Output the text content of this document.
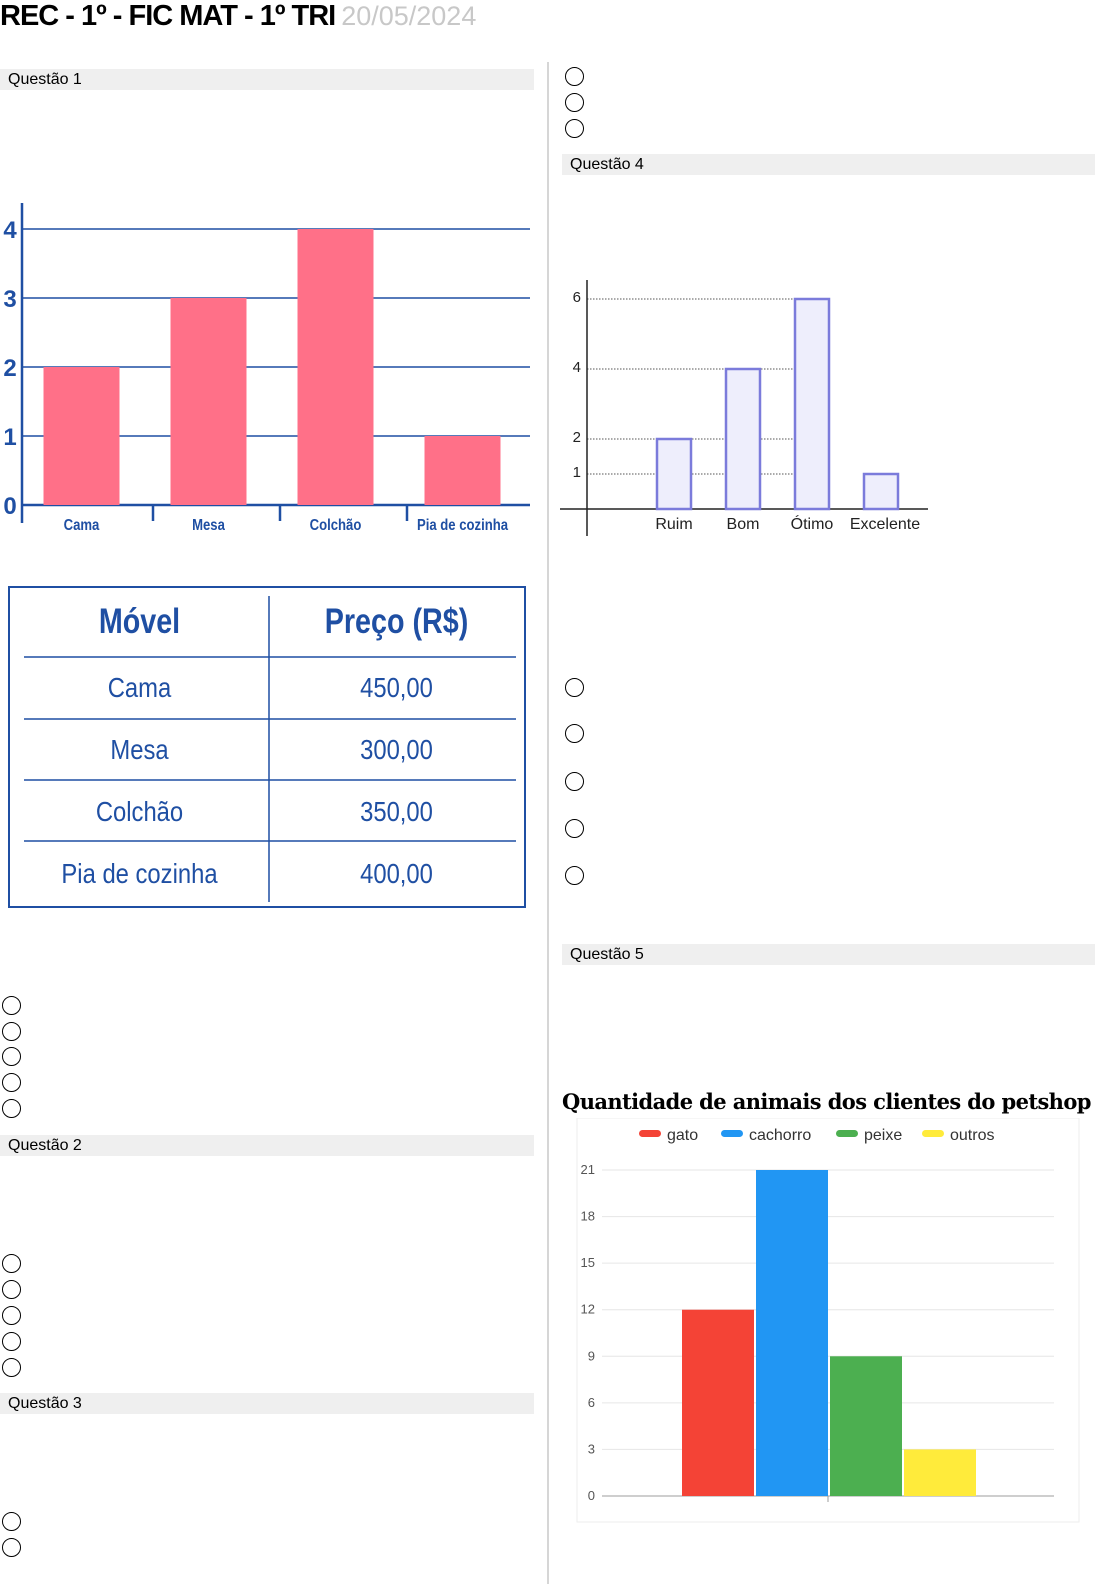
REC - 1º - FIC MAT - 1º TRI 20/05/2024
Questão 1
Questão 2
Questão 3
Questão 4
Questão 5
0
1
2
3
4
Cama	Mesa	Colchão	Pia de cozinha
Móvel	Preço (R$)
Cama	450,00
Mesa	300,00
Colchão	350,00
Pia de cozinha	400,00
1
2
4
6
Ruim Bom Ótimo Excelente
Quantidade de animais dos clientes do petshop
0
3
6
9
12
15
18
21
gato	cachorro	peixe	outros
